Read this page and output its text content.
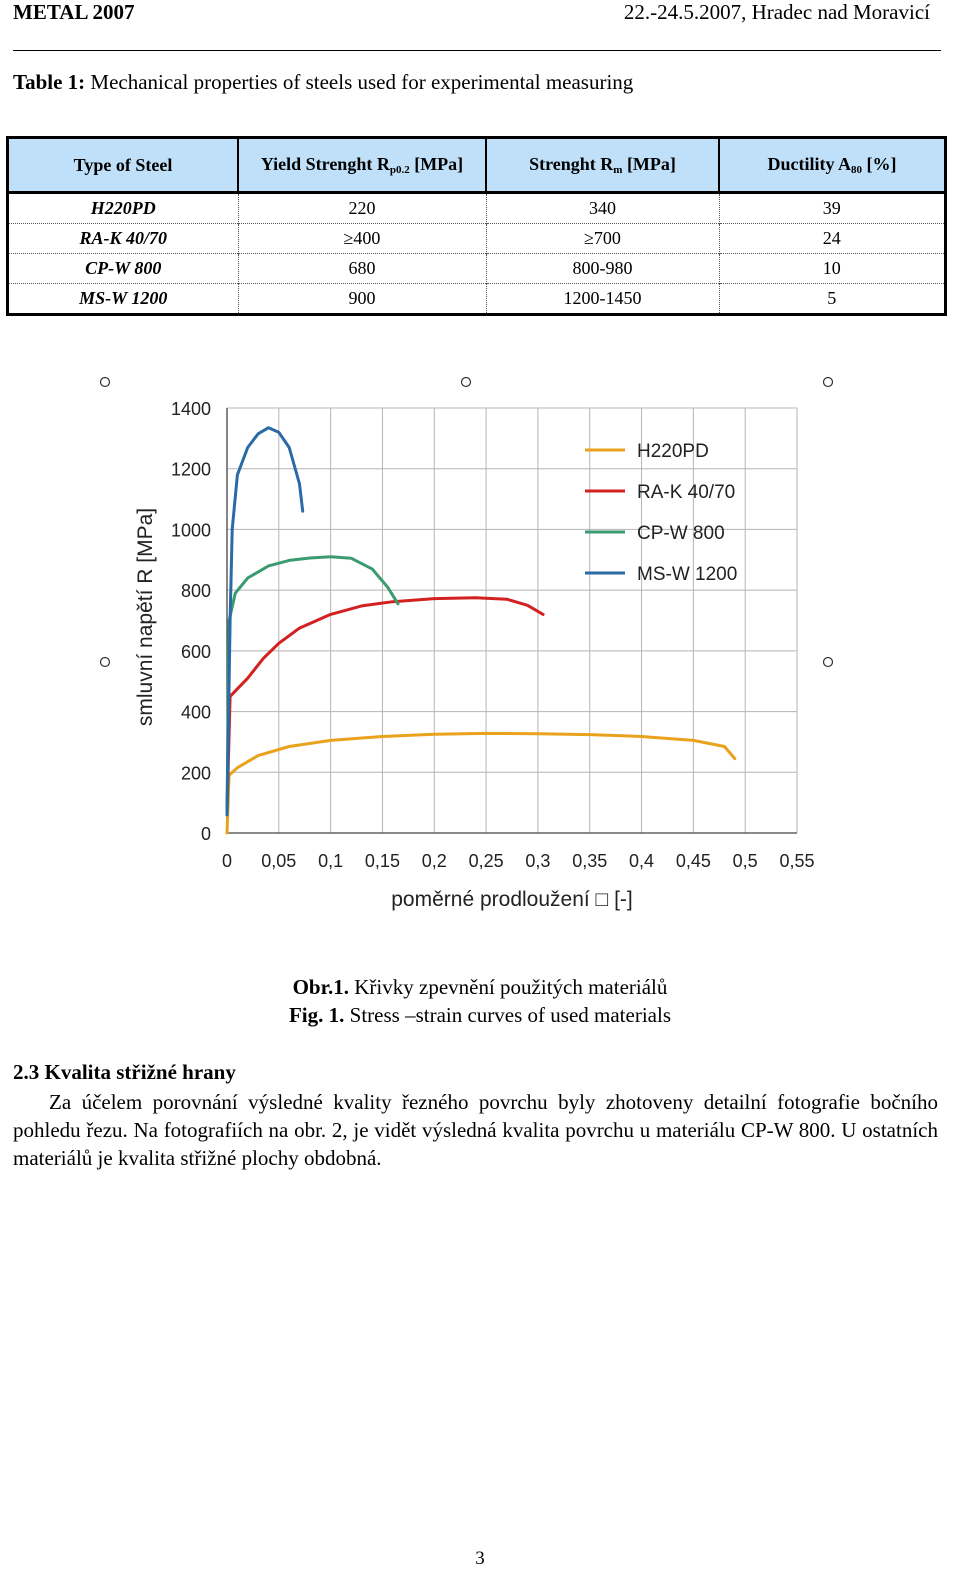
METAL 2007	22.-24.5.2007, Hradec nad Moravicí
Table 1: Mechanical properties of steels used for experimental measuring
Type of Steel	Yield Strenght $R_{p0.2}$ [MPa]	Strenght $R_m$ [MPa]	Ductility $A_{80}$ [%]
H220PD	220	340	39
RA-K 40/70	≥400	≥700	24
CP-W 800	680	800-980	10
MS-W 1200	900	1200-1450	5
0 0,05 0,1 0,15 0,2 0,25 0,3 0,35 0,4 0,45 0,5 0,55
0
200
400
600
800
1000
1200
1400
H220PD
RA-K 40/70
CP-W 800
MS-W 1200
poměrné prodloužení □ [-]
smluvní napětí R [MPa]
Obr.1. Křivky zpevnění použitých materiálů
Fig. 1. Stress –strain curves of used materials
2.3 Kvalita střižné hrany
Za účelem porovnání výsledné kvality řezného povrchu byly zhotoveny detailní fotografie bočního pohledu řezu. Na fotografiích na obr. 2, je vidět výsledná kvalita povrchu u materiálu CP-W 800. U ostatních materiálů je kvalita střižné plochy obdobná.
3
